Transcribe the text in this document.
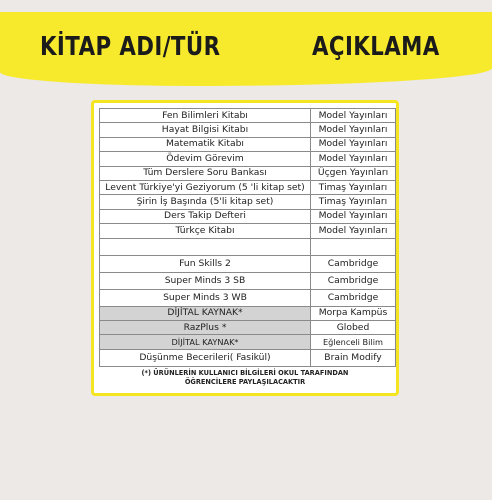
KİTAP ADI/TÜR	AÇIKLAMA
Fen Bilimleri Kitabı	Model Yayınları
Hayat Bilgisi Kitabı	Model Yayınları
Matematik Kitabı	Model Yayınları
Ödevim Görevim	Model Yayınları
Tüm Derslere Soru Bankası	Üçgen Yayınları
Levent Türkiye'yi Geziyorum (5 'li kitap set)	Timaş Yayınları
Şirin İş Başında (5'li kitap set)	Timaş Yayınları
Ders Takip Defteri	Model Yayınları
Türkçe Kitabı	Model Yayınları

Fun Skills 2	Cambridge
Super Minds 3 SB	Cambridge
Super Minds 3 WB	Cambridge
DİJİTAL KAYNAK*	Morpa Kampüs
RazPlus *	Globed
DİJİTAL KAYNAK*	Eğlenceli Bilim
Düşünme Becerileri( Fasikül)	Brain Modify
(*) ÜRÜNLERİN KULLANICI BİLGİLERİ OKUL TARAFINDAN ÖĞRENCİLERE PAYLAŞILACAKTIR
